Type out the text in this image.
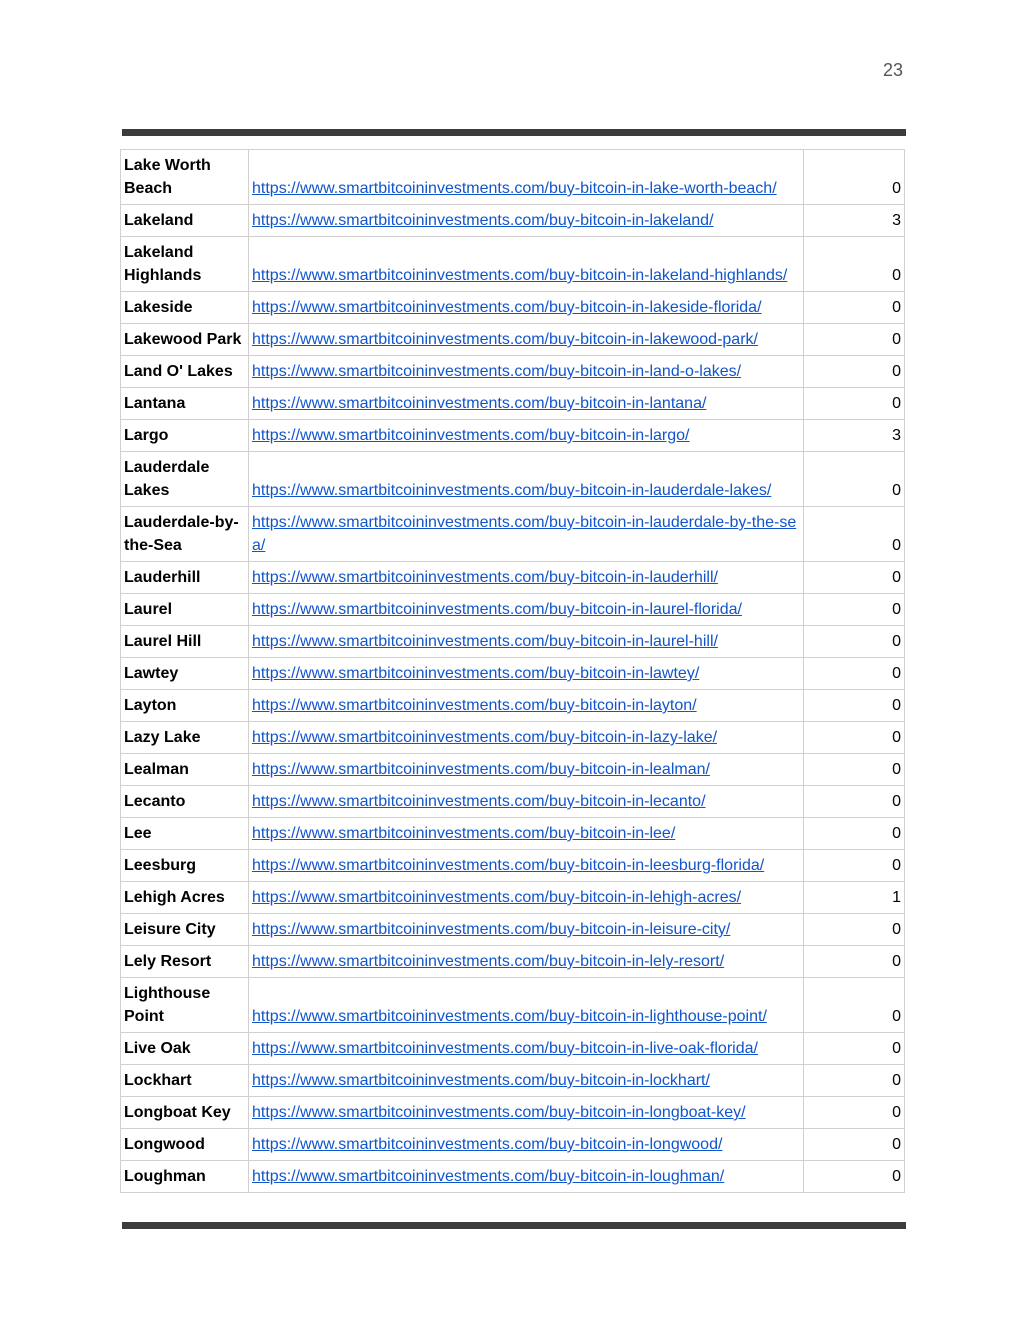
23
Lake Worth Beach	https://www.smartbitcoininvestments.com/buy-bitcoin-in-lake-worth-beach/	0
Lakeland	https://www.smartbitcoininvestments.com/buy-bitcoin-in-lakeland/	3
Lakeland Highlands	https://www.smartbitcoininvestments.com/buy-bitcoin-in-lakeland-highlands/	0
Lakeside	https://www.smartbitcoininvestments.com/buy-bitcoin-in-lakeside-florida/	0
Lakewood Park	https://www.smartbitcoininvestments.com/buy-bitcoin-in-lakewood-park/	0
Land O' Lakes	https://www.smartbitcoininvestments.com/buy-bitcoin-in-land-o-lakes/	0
Lantana	https://www.smartbitcoininvestments.com/buy-bitcoin-in-lantana/	0
Largo	https://www.smartbitcoininvestments.com/buy-bitcoin-in-largo/	3
Lauderdale Lakes	https://www.smartbitcoininvestments.com/buy-bitcoin-in-lauderdale-lakes/	0
Lauderdale-by-the-Sea	https://www.smartbitcoininvestments.com/buy-bitcoin-in-lauderdale-by-the-sea/	0
Lauderhill	https://www.smartbitcoininvestments.com/buy-bitcoin-in-lauderhill/	0
Laurel	https://www.smartbitcoininvestments.com/buy-bitcoin-in-laurel-florida/	0
Laurel Hill	https://www.smartbitcoininvestments.com/buy-bitcoin-in-laurel-hill/	0
Lawtey	https://www.smartbitcoininvestments.com/buy-bitcoin-in-lawtey/	0
Layton	https://www.smartbitcoininvestments.com/buy-bitcoin-in-layton/	0
Lazy Lake	https://www.smartbitcoininvestments.com/buy-bitcoin-in-lazy-lake/	0
Lealman	https://www.smartbitcoininvestments.com/buy-bitcoin-in-lealman/	0
Lecanto	https://www.smartbitcoininvestments.com/buy-bitcoin-in-lecanto/	0
Lee	https://www.smartbitcoininvestments.com/buy-bitcoin-in-lee/	0
Leesburg	https://www.smartbitcoininvestments.com/buy-bitcoin-in-leesburg-florida/	0
Lehigh Acres	https://www.smartbitcoininvestments.com/buy-bitcoin-in-lehigh-acres/	1
Leisure City	https://www.smartbitcoininvestments.com/buy-bitcoin-in-leisure-city/	0
Lely Resort	https://www.smartbitcoininvestments.com/buy-bitcoin-in-lely-resort/	0
Lighthouse Point	https://www.smartbitcoininvestments.com/buy-bitcoin-in-lighthouse-point/	0
Live Oak	https://www.smartbitcoininvestments.com/buy-bitcoin-in-live-oak-florida/	0
Lockhart	https://www.smartbitcoininvestments.com/buy-bitcoin-in-lockhart/	0
Longboat Key	https://www.smartbitcoininvestments.com/buy-bitcoin-in-longboat-key/	0
Longwood	https://www.smartbitcoininvestments.com/buy-bitcoin-in-longwood/	0
Loughman	https://www.smartbitcoininvestments.com/buy-bitcoin-in-loughman/	0
